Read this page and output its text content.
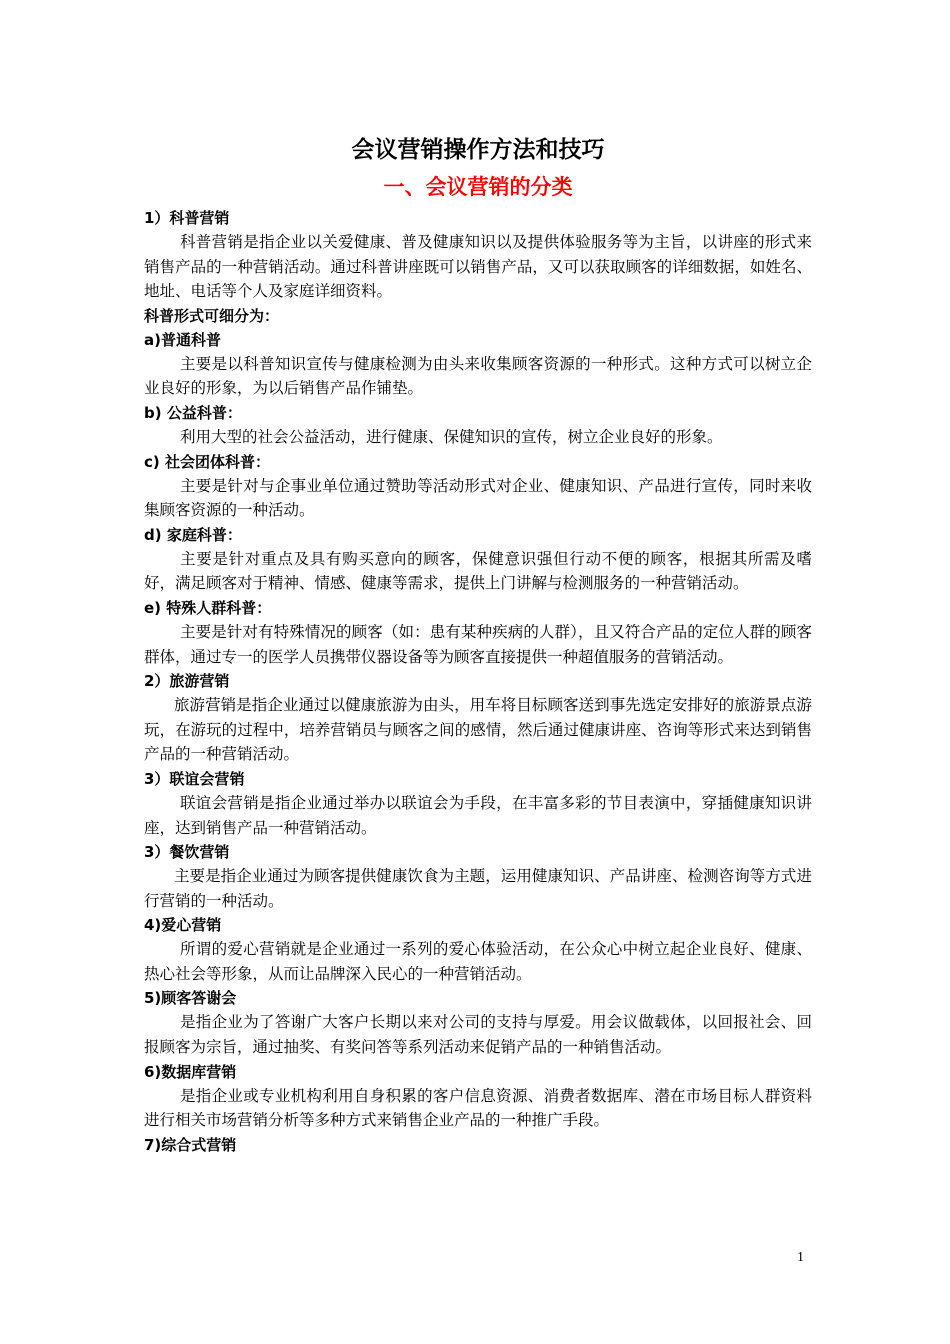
会议营销操作方法和技巧
一、会议营销的分类

1）科普营销

科普营销是指企业以关爱健康、普及健康知识以及提供体验服务等为主旨，以讲座的形式来销售产品的一种营销活动。通过科普讲座既可以销售产品，又可以获取顾客的详细数据，如姓名、地址、电话等个人及家庭详细资料。

科普形式可细分为：

a)普通科普

主要是以科普知识宣传与健康检测为由头来收集顾客资源的一种形式。这种方式可以树立企业良好的形象，为以后销售产品作铺垫。

b) 公益科普：

利用大型的社会公益活动，进行健康、保健知识的宣传，树立企业良好的形象。

c) 社会团体科普：

主要是针对与企事业单位通过赞助等活动形式对企业、健康知识、产品进行宣传，同时来收集顾客资源的一种活动。

d) 家庭科普：

主要是针对重点及具有购买意向的顾客，保健意识强但行动不便的顾客，根据其所需及嗜好，满足顾客对于精神、情感、健康等需求，提供上门讲解与检测服务的一种营销活动。

e) 特殊人群科普：

主要是针对有特殊情况的顾客（如：患有某种疾病的人群），且又符合产品的定位人群的顾客群体，通过专一的医学人员携带仪器设备等为顾客直接提供一种超值服务的营销活动。

2）旅游营销

旅游营销是指企业通过以健康旅游为由头，用车将目标顾客送到事先选定安排好的旅游景点游玩，在游玩的过程中，培养营销员与顾客之间的感情，然后通过健康讲座、咨询等形式来达到销售产品的一种营销活动。

3）联谊会营销

联谊会营销是指企业通过举办以联谊会为手段，在丰富多彩的节目表演中，穿插健康知识讲座，达到销售产品一种营销活动。

3）餐饮营销

主要是指企业通过为顾客提供健康饮食为主题，运用健康知识、产品讲座、检测咨询等方式进行营销的一种活动。

4)爱心营销

所谓的爱心营销就是企业通过一系列的爱心体验活动，在公众心中树立起企业良好、健康、热心社会等形象，从而让品牌深入民心的一种营销活动。

5)顾客答谢会

是指企业为了答谢广大客户长期以来对公司的支持与厚爱。用会议做载体，以回报社会、回报顾客为宗旨，通过抽奖、有奖问答等系列活动来促销产品的一种销售活动。

6)数据库营销

是指企业或专业机构利用自身积累的客户信息资源、消费者数据库、潜在市场目标人群资料进行相关市场营销分析等多种方式来销售企业产品的一种推广手段。

7)综合式营销

1
